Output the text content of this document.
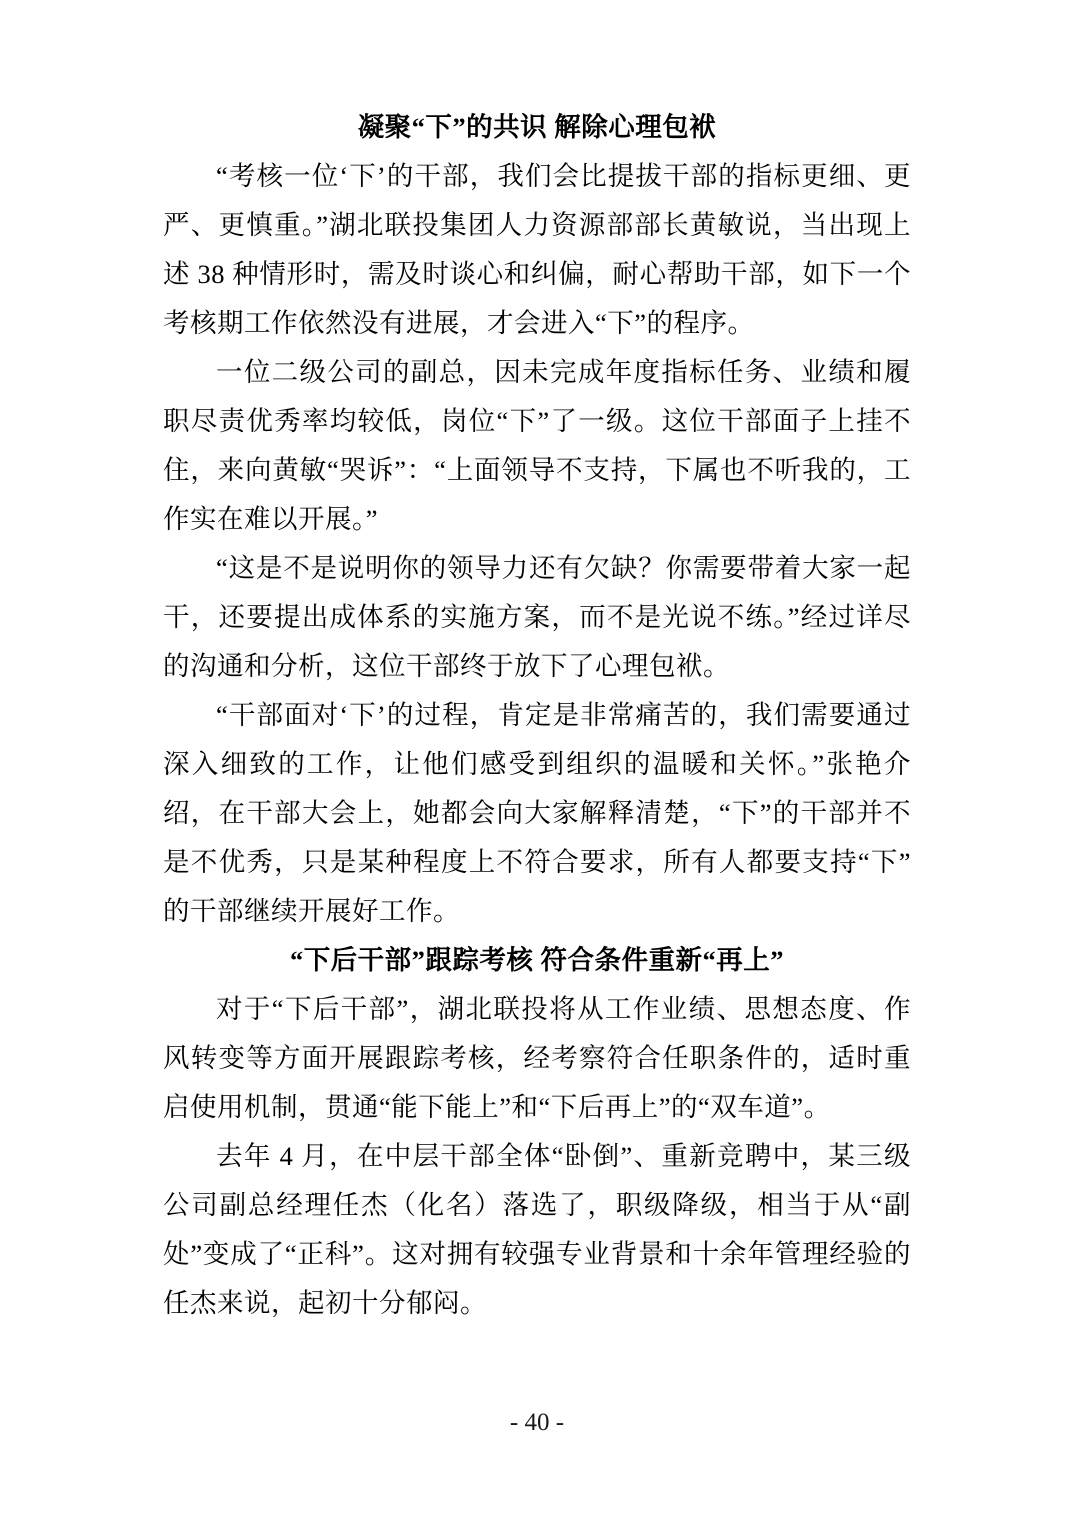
凝聚“下”的共识 解除心理包袱

“考核一位‘下’的干部，我们会比提拔干部的指标更细、更严、更慎重。”湖北联投集团人力资源部部长黄敏说，当出现上述 38 种情形时，需及时谈心和纠偏，耐心帮助干部，如下一个考核期工作依然没有进展，才会进入“下”的程序。

一位二级公司的副总，因未完成年度指标任务、业绩和履职尽责优秀率均较低，岗位“下”了一级。这位干部面子上挂不住，来向黄敏“哭诉”：“上面领导不支持，下属也不听我的，工作实在难以开展。”

“这是不是说明你的领导力还有欠缺？你需要带着大家一起干，还要提出成体系的实施方案，而不是光说不练。”经过详尽的沟通和分析，这位干部终于放下了心理包袱。

“干部面对‘下’的过程，肯定是非常痛苦的，我们需要通过深入细致的工作，让他们感受到组织的温暖和关怀。”张艳介绍，在干部大会上，她都会向大家解释清楚，“下”的干部并不是不优秀，只是某种程度上不符合要求，所有人都要支持“下”的干部继续开展好工作。

“下后干部”跟踪考核 符合条件重新“再上”

对于“下后干部”，湖北联投将从工作业绩、思想态度、作风转变等方面开展跟踪考核，经考察符合任职条件的，适时重启使用机制，贯通“能下能上”和“下后再上”的“双车道”。

去年 4 月，在中层干部全体“卧倒”、重新竞聘中，某三级公司副总经理任杰（化名）落选了，职级降级，相当于从“副处”变成了“正科”。这对拥有较强专业背景和十余年管理经验的任杰来说，起初十分郁闷。

- 40 -
